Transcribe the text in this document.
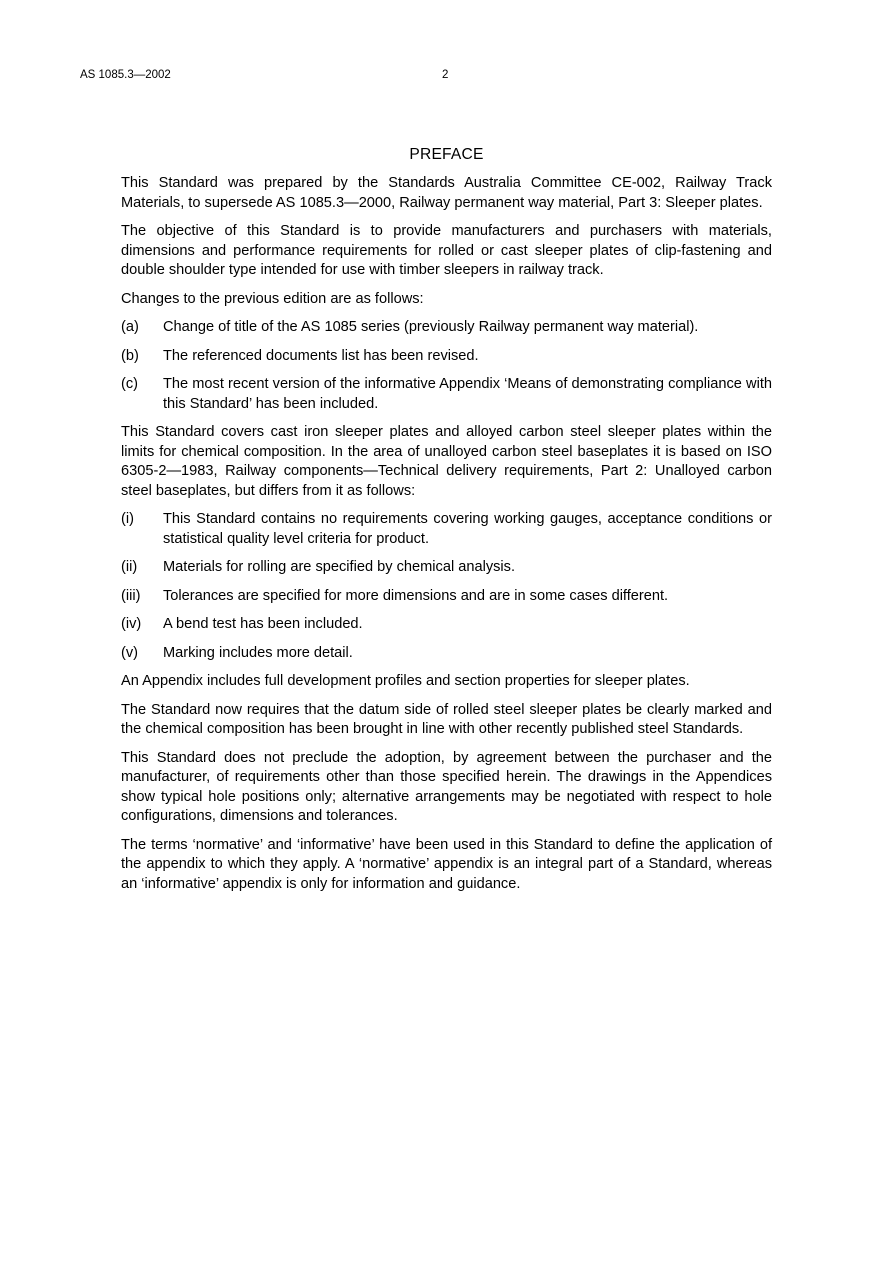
AS 1085.3—2002	2
PREFACE

This Standard was prepared by the Standards Australia Committee CE-002, Railway Track Materials, to supersede AS 1085.3—2000, Railway permanent way material, Part 3: Sleeper plates.

The objective of this Standard is to provide manufacturers and purchasers with materials, dimensions and performance requirements for rolled or cast sleeper plates of clip-fastening and double shoulder type intended for use with timber sleepers in railway track.

Changes to the previous edition are as follows:

(a)	Change of title of the AS 1085 series (previously Railway permanent way material).
(b)	The referenced documents list has been revised.
(c)	The most recent version of the informative Appendix ‘Means of demonstrating compliance with this Standard’ has been included.

This Standard covers cast iron sleeper plates and alloyed carbon steel sleeper plates within the limits for chemical composition. In the area of unalloyed carbon steel baseplates it is based on ISO 6305-2—1983, Railway components—Technical delivery requirements, Part 2: Unalloyed carbon steel baseplates, but differs from it as follows:

(i)	This Standard contains no requirements covering working gauges, acceptance conditions or statistical quality level criteria for product.
(ii)	Materials for rolling are specified by chemical analysis.
(iii)	Tolerances are specified for more dimensions and are in some cases different.
(iv)	A bend test has been included.
(v)	Marking includes more detail.

An Appendix includes full development profiles and section properties for sleeper plates.

The Standard now requires that the datum side of rolled steel sleeper plates be clearly marked and the chemical composition has been brought in line with other recently published steel Standards.

This Standard does not preclude the adoption, by agreement between the purchaser and the manufacturer, of requirements other than those specified herein. The drawings in the Appendices show typical hole positions only; alternative arrangements may be negotiated with respect to hole configurations, dimensions and tolerances.

The terms ‘normative’ and ‘informative’ have been used in this Standard to define the application of the appendix to which they apply. A ‘normative’ appendix is an integral part of a Standard, whereas an ‘informative’ appendix is only for information and guidance.
